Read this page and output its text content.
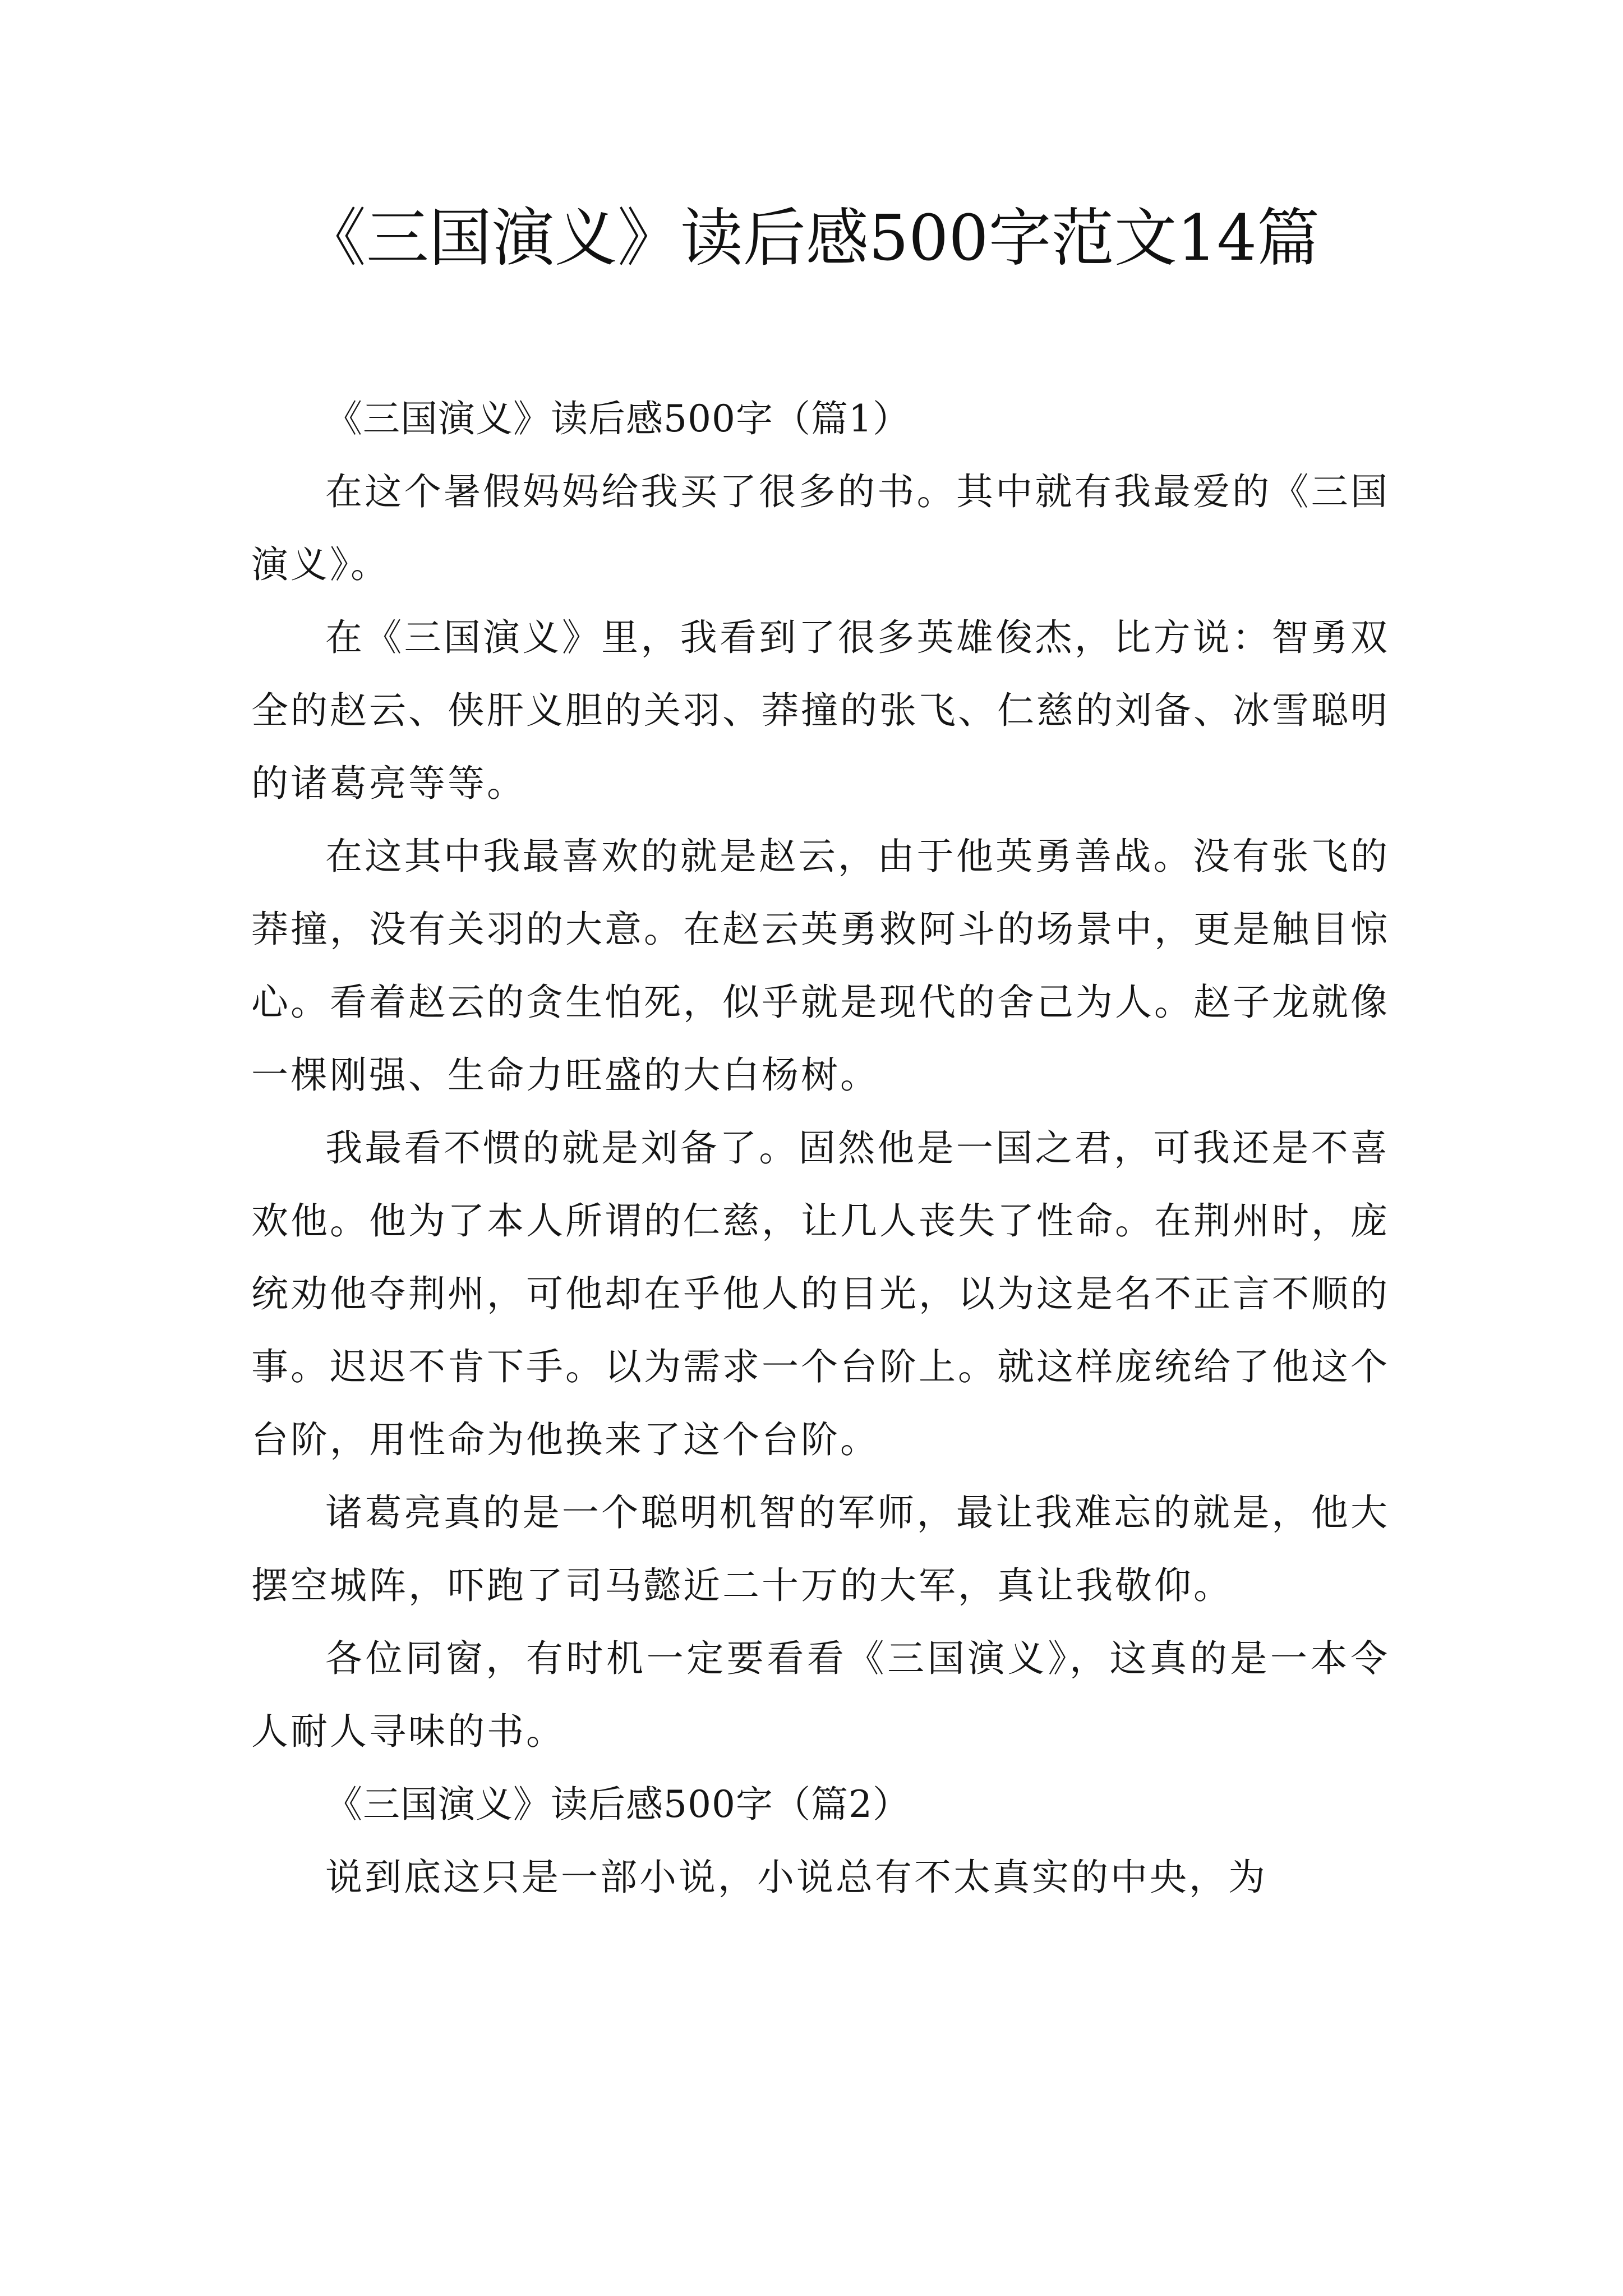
《三国演义》读后感500字范文14篇

《三国演义》读后感500字（篇1）

在这个暑假妈妈给我买了很多的书。其中就有我最爱的《三国演义》。

在《三国演义》里，我看到了很多英雄俊杰，比方说：智勇双全的赵云、侠肝义胆的关羽、莽撞的张飞、仁慈的刘备、冰雪聪明的诸葛亮等等。

在这其中我最喜欢的就是赵云，由于他英勇善战。没有张飞的莽撞，没有关羽的大意。在赵云英勇救阿斗的场景中，更是触目惊心。看着赵云的贪生怕死，似乎就是现代的舍己为人。赵子龙就像一棵刚强、生命力旺盛的大白杨树。

我最看不惯的就是刘备了。固然他是一国之君，可我还是不喜欢他。他为了本人所谓的仁慈，让几人丧失了性命。在荆州时，庞统劝他夺荆州，可他却在乎他人的目光，以为这是名不正言不顺的事。迟迟不肯下手。以为需求一个台阶上。就这样庞统给了他这个台阶，用性命为他换来了这个台阶。

诸葛亮真的是一个聪明机智的军师，最让我难忘的就是，他大摆空城阵，吓跑了司马懿近二十万的大军，真让我敬仰。

各位同窗，有时机一定要看看《三国演义》，这真的是一本令人耐人寻味的书。

《三国演义》读后感500字（篇2）

说到底这只是一部小说，小说总有不太真实的中央，为
